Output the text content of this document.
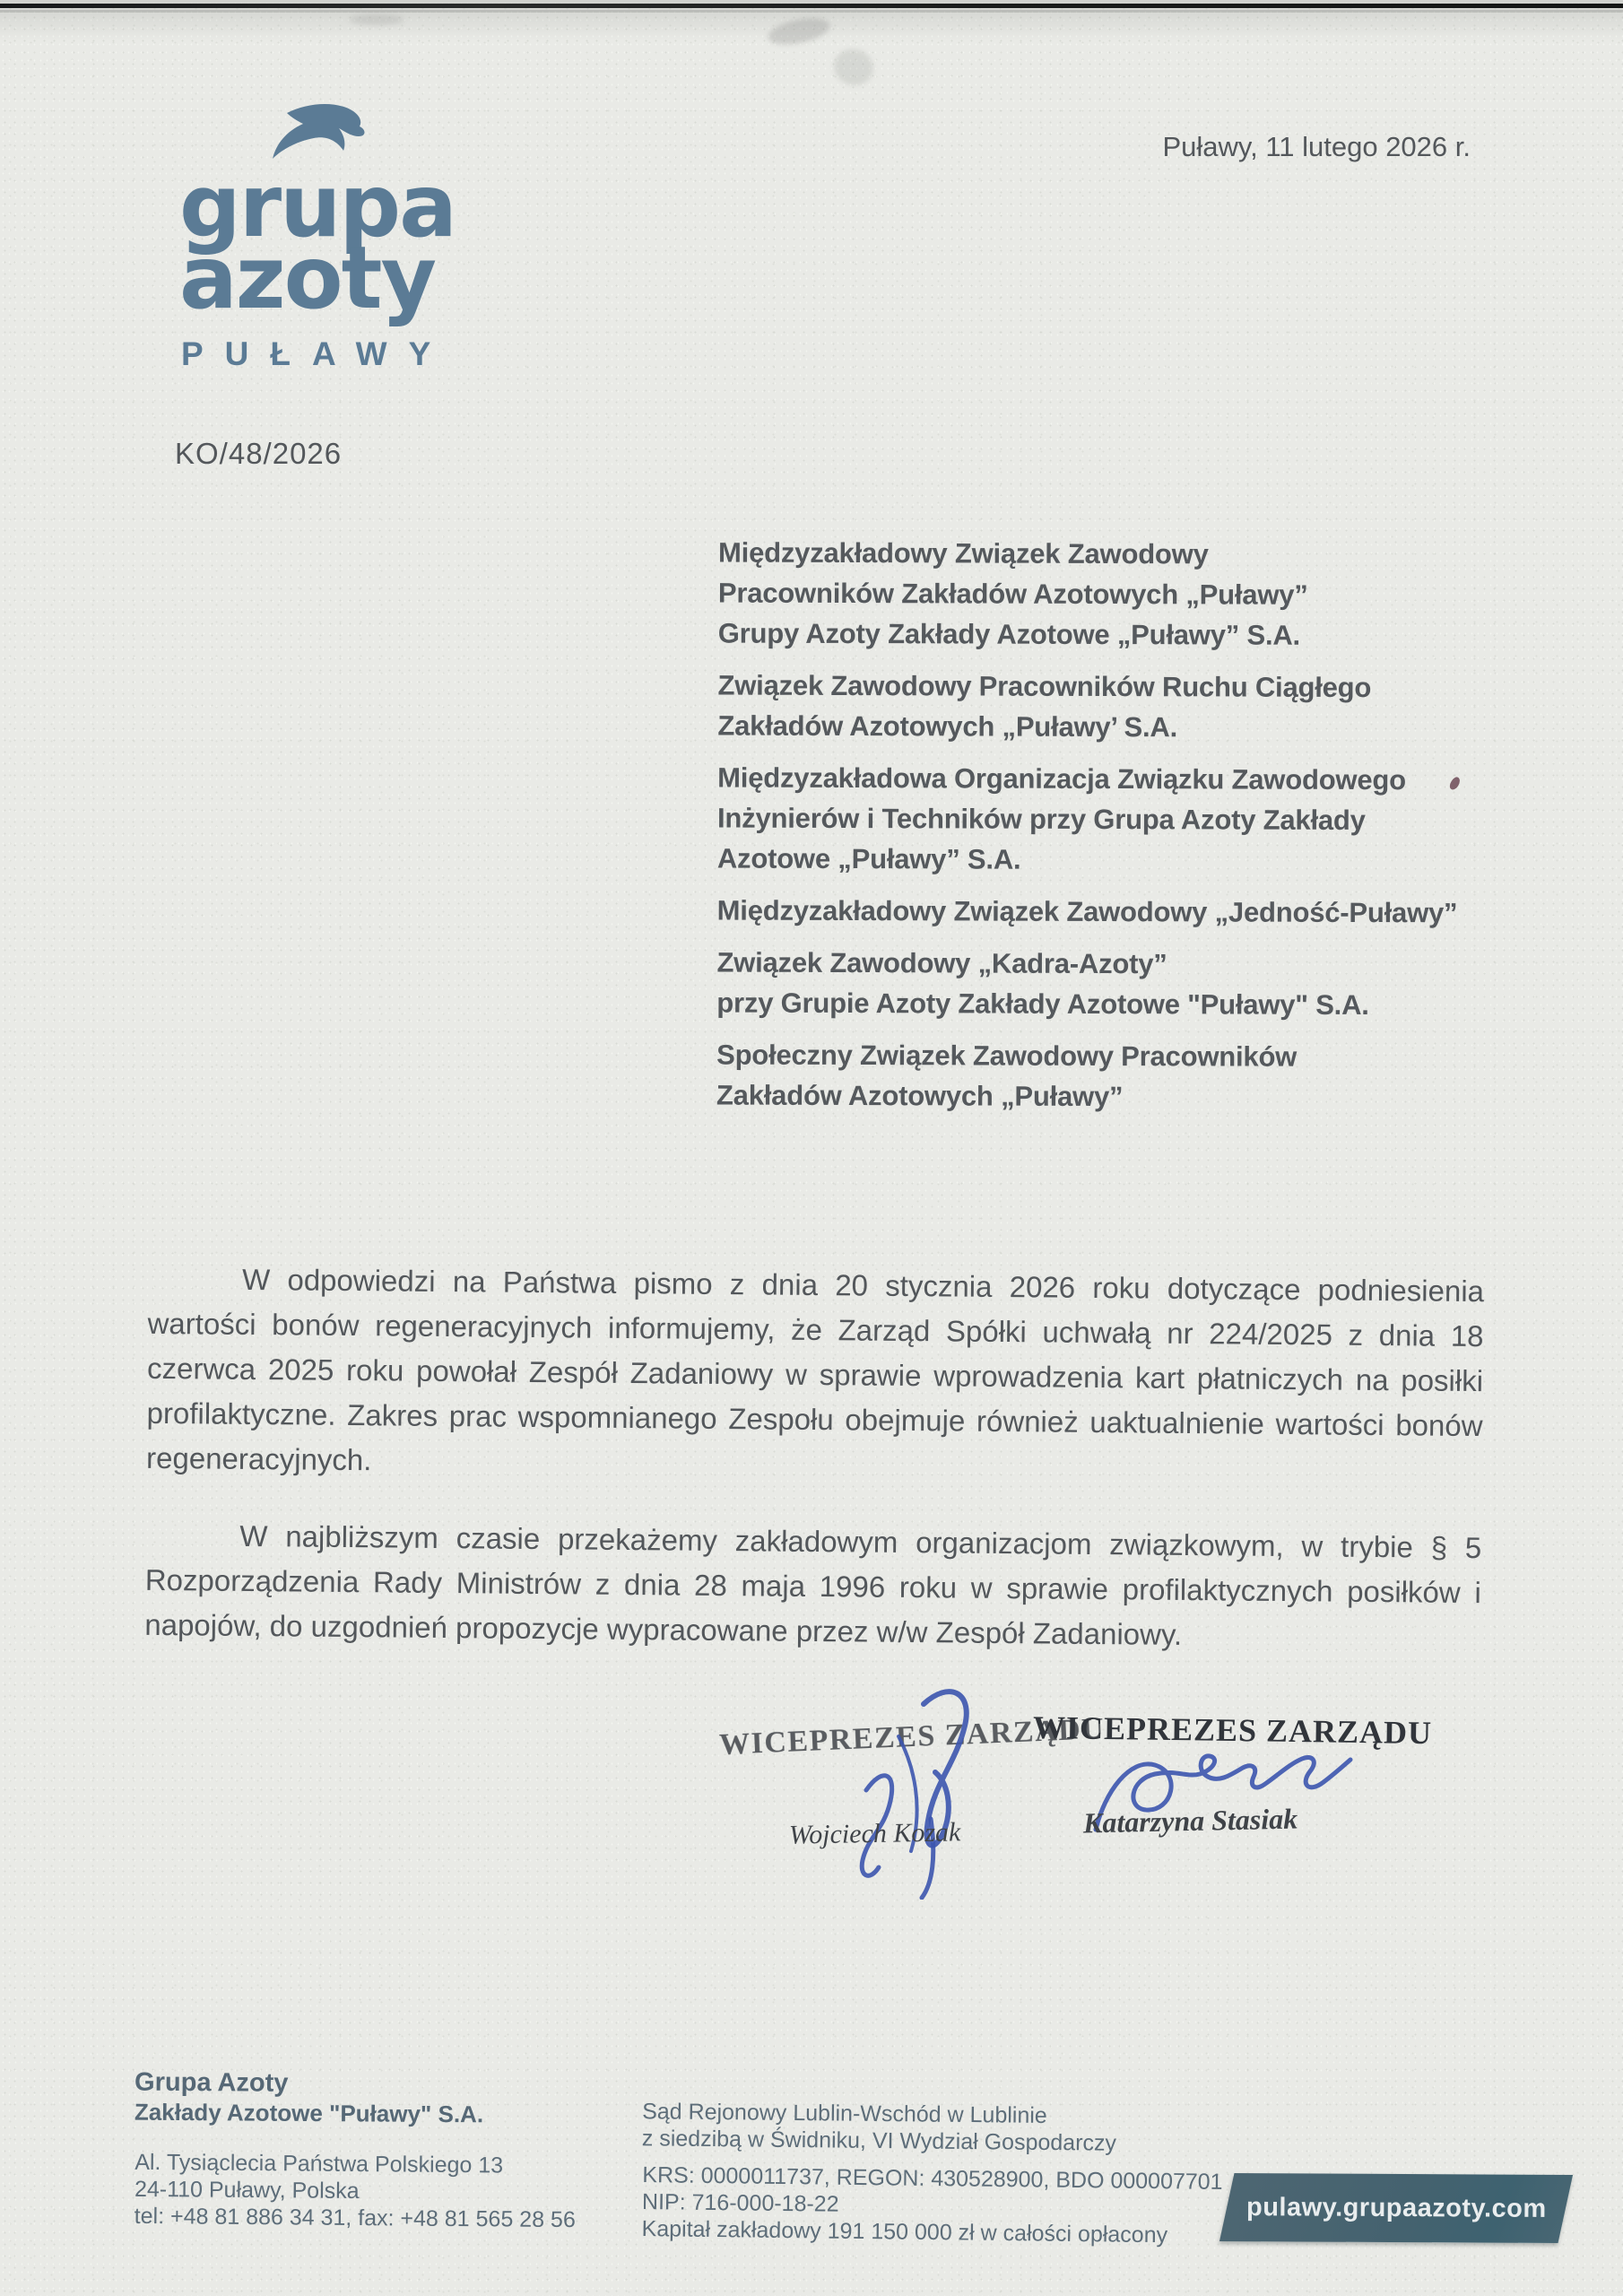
grupa
azoty
PUŁAWY
Puławy, 11 lutego 2026 r.
KO/48/2026
Międzyzakładowy Związek Zawodowy
Pracowników Zakładów Azotowych „Puławy”
Grupy Azoty Zakłady Azotowe „Puławy” S.A.
Związek Zawodowy Pracowników Ruchu Ciągłego
Zakładów Azotowych „Puławy’ S.A.
Międzyzakładowa Organizacja Związku Zawodowego
Inżynierów i Techników przy Grupa Azoty Zakłady
Azotowe „Puławy” S.A.
Międzyzakładowy Związek Zawodowy „Jedność-Puławy”
Związek Zawodowy „Kadra-Azoty”
przy Grupie Azoty Zakłady Azotowe "Puławy" S.A.
Społeczny Związek Zawodowy Pracowników
Zakładów Azotowych „Puławy”

W odpowiedzi na Państwa pismo z dnia 20 stycznia 2026 roku dotyczące podniesienia wartości bonów regeneracyjnych informujemy, że Zarząd Spółki uchwałą nr 224/2025 z dnia 18 czerwca 2025 roku powołał Zespół Zadaniowy w sprawie wprowadzenia kart płatniczych na posiłki profilaktyczne. Zakres prac wspomnianego Zespołu obejmuje również uaktualnienie wartości bonów regeneracyjnych.

W najbliższym czasie przekażemy zakładowym organizacjom związkowym, w trybie § 5 Rozporządzenia Rady Ministrów z dnia 28 maja 1996 roku w sprawie profilaktycznych posiłków i napojów, do uzgodnień propozycje wypracowane przez w/w Zespół Zadaniowy.

WICEPREZES ZARZĄDU
WICEPREZES ZARZĄDU
Wojciech Kozak	Katarzyna Stasiak
Grupa Azoty
Zakłady Azotowe "Puławy" S.A.
Al. Tysiąclecia Państwa Polskiego 13
24-110 Puławy, Polska
tel: +48 81 886 34 31, fax: +48 81 565 28 56
Sąd Rejonowy Lublin-Wschód w Lublinie
z siedzibą w Świdniku, VI Wydział Gospodarczy
KRS: 0000011737, REGON: 430528900, BDO 000007701
NIP: 716-000-18-22
Kapitał zakładowy 191 150 000 zł w całości opłacony
pulawy.grupaazoty.com
